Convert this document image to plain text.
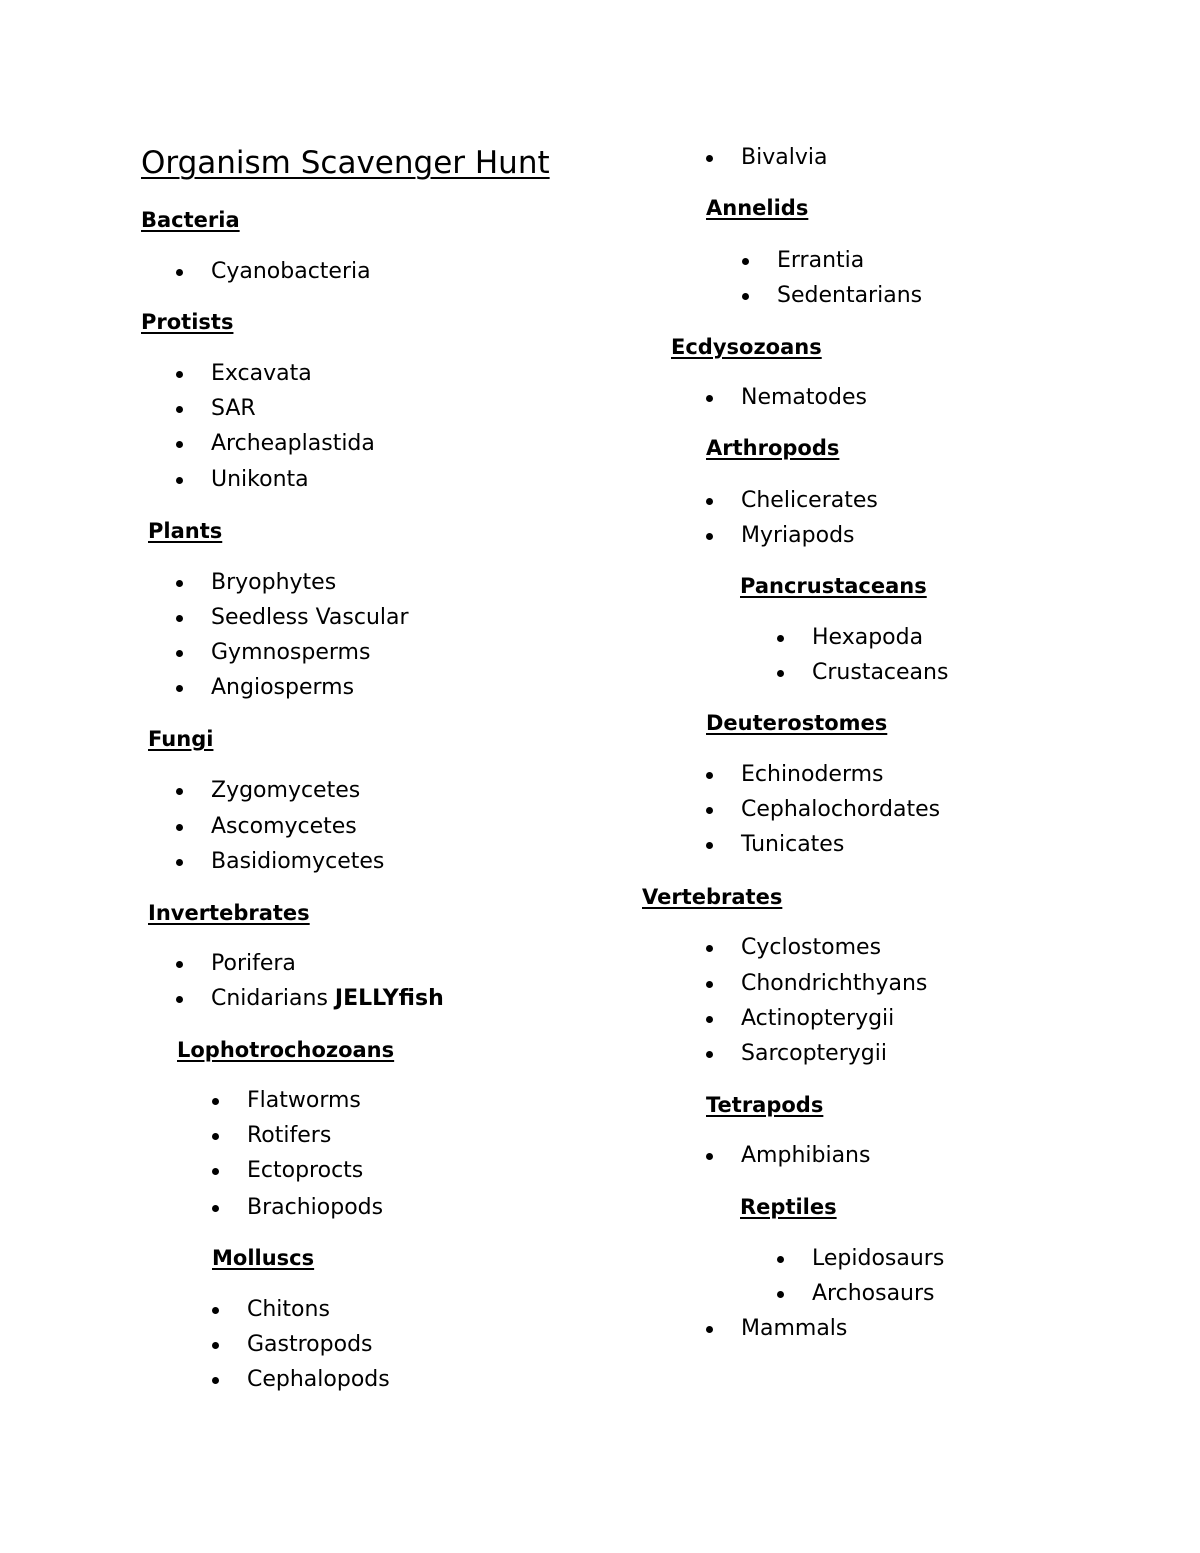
Organism Scavenger Hunt
Bacteria
Cyanobacteria
Protists
Excavata
SAR
Archeaplastida
Unikonta
Plants
Bryophytes
Seedless Vascular
Gymnosperms
Angiosperms
Fungi
Zygomycetes
Ascomycetes
Basidiomycetes
Invertebrates
Porifera
Cnidarians JELLYfish
Lophotrochozoans
Flatworms
Rotifers
Ectoprocts
Brachiopods
Molluscs
Chitons
Gastropods
Cephalopods
Bivalvia
Annelids
Errantia
Sedentarians
Ecdysozoans
Nematodes
Arthropods
Chelicerates
Myriapods
Pancrustaceans
Hexapoda
Crustaceans
Deuterostomes
Echinoderms
Cephalochordates
Tunicates
Vertebrates
Cyclostomes
Chondrichthyans
Actinopterygii
Sarcopterygii
Tetrapods
Amphibians
Reptiles
Lepidosaurs
Archosaurs
Mammals
